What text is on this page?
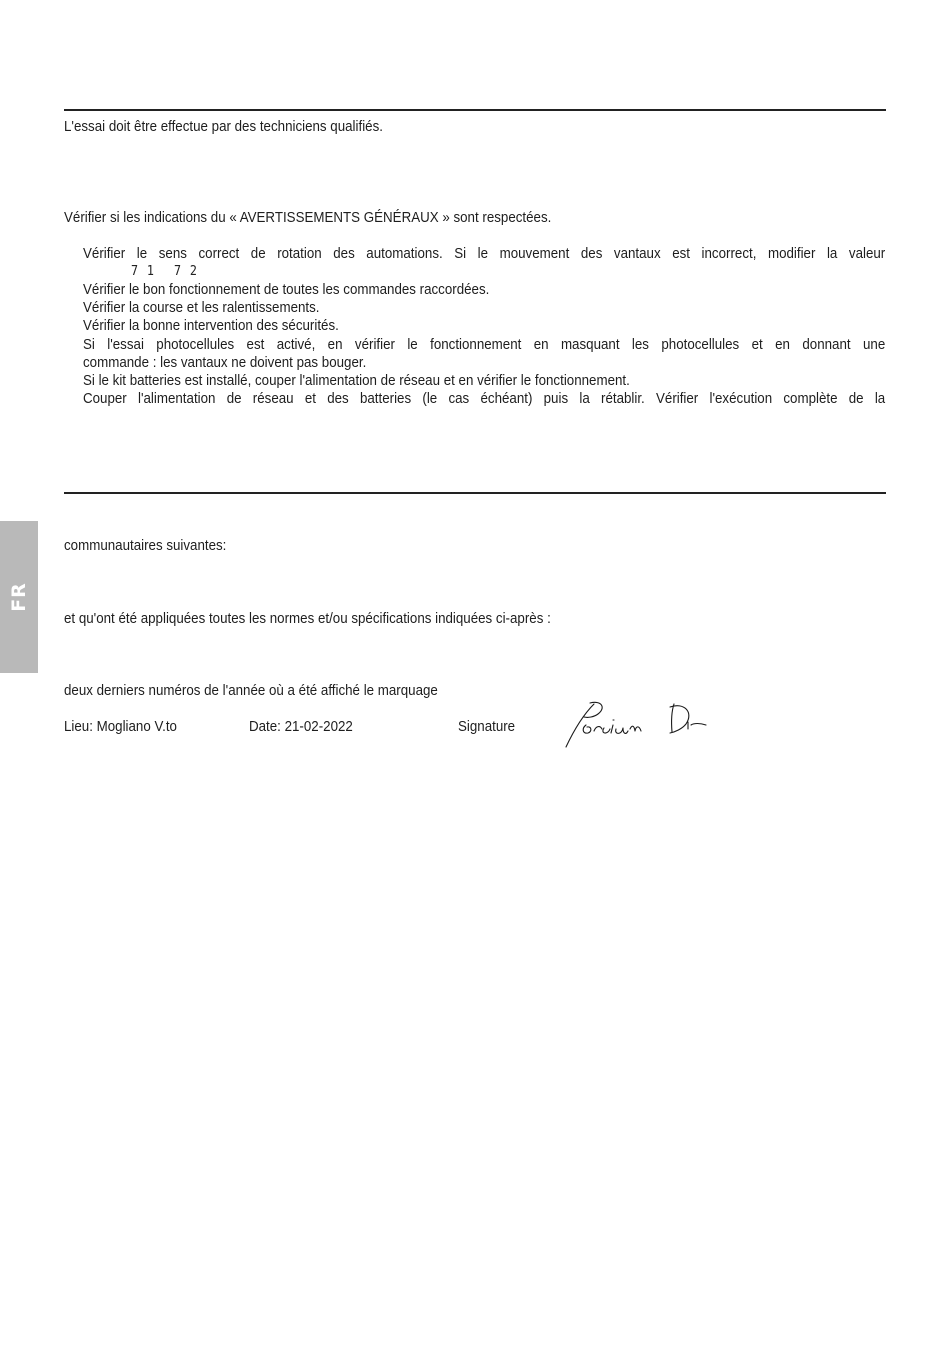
L'essai doit être effectue par des techniciens qualifiés.
Vérifier si les indications du « AVERTISSEMENTS GÉNÉRAUX » sont respectées.
Vérifier le sens correct de rotation des automations. Si le mouvement des vantaux est incorrect, modifier la valeur
7 1 7 2
Vérifier le bon fonctionnement de toutes les commandes raccordées.
Vérifier la course et les ralentissements.
Vérifier la bonne intervention des sécurités.
Si l'essai photocellules est activé, en vérifier le fonctionnement en masquant les photocellules et en donnant une
commande : les vantaux ne doivent pas bouger.
Si le kit batteries est installé, couper l'alimentation de réseau et en vérifier le fonctionnement.
Couper l'alimentation de réseau et des batteries (le cas échéant) puis la rétablir. Vérifier l'exécution complète de la
FR
communautaires suivantes:
et qu'ont été appliquées toutes les normes et/ou spécifications indiquées ci-après :
deux derniers numéros de l'année où a été affiché le marquage
Lieu: Mogliano V.to	Date: 21-02-2022	Signature
